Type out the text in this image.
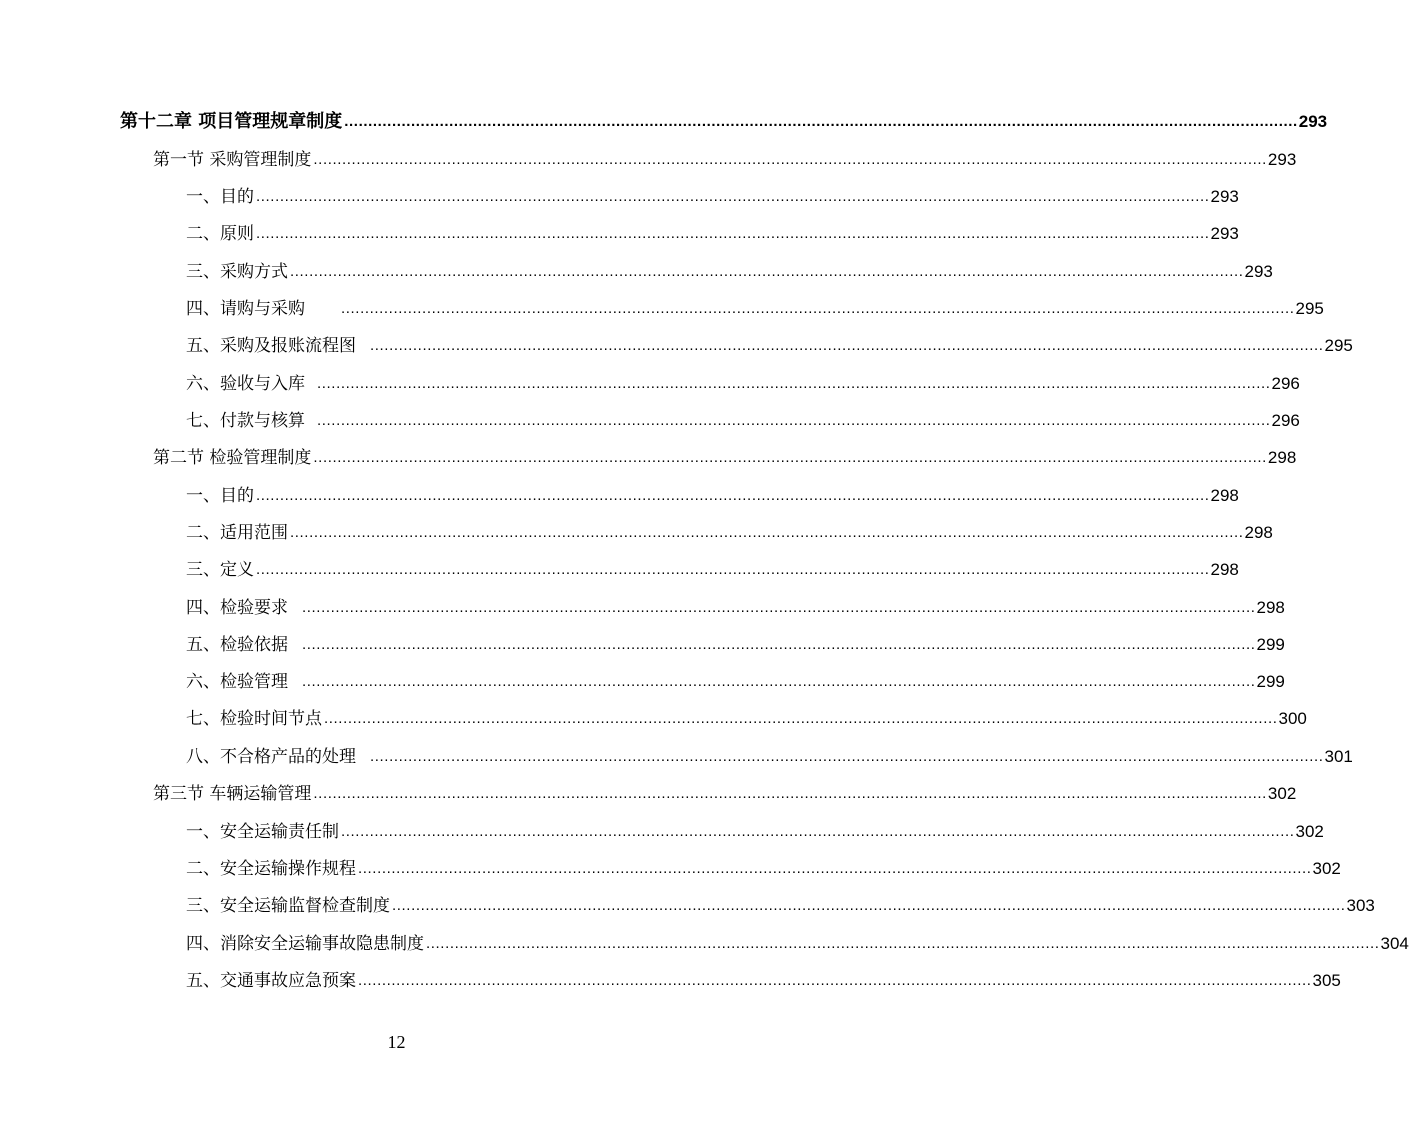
第十二章 项目管理规章制度 ........................................................................................................................................................................................................ 293
第一节 采购管理制度 ........................................................................................................................................................................................................ 293
一、目的 ........................................................................................................................................................................................................ 293
二、原则 ........................................................................................................................................................................................................ 293
三、采购方式 ........................................................................................................................................................................................................ 293
四、请购与采购	........................................................................................................................................................................................................ 295
五、采购及报账流程图 ........................................................................................................................................................................................................ 295
六、验收与入库 ........................................................................................................................................................................................................ 296
七、付款与核算 ........................................................................................................................................................................................................ 296
第二节 检验管理制度 ........................................................................................................................................................................................................ 298
一、目的 ........................................................................................................................................................................................................ 298
二、适用范围 ........................................................................................................................................................................................................ 298
三、定义 ........................................................................................................................................................................................................ 298
四、检验要求 ........................................................................................................................................................................................................ 298
五、检验依据 ........................................................................................................................................................................................................ 299
六、检验管理 ........................................................................................................................................................................................................ 299
七、检验时间节点 ........................................................................................................................................................................................................ 300
八、不合格产品的处理 ........................................................................................................................................................................................................ 301
第三节 车辆运输管理 ........................................................................................................................................................................................................ 302
一、安全运输责任制 ........................................................................................................................................................................................................ 302
二、安全运输操作规程 ........................................................................................................................................................................................................ 302
三、安全运输监督检查制度 ........................................................................................................................................................................................................ 303
四、消除安全运输事故隐患制度 ........................................................................................................................................................................................................ 304
五、交通事故应急预案 ........................................................................................................................................................................................................ 305
12
